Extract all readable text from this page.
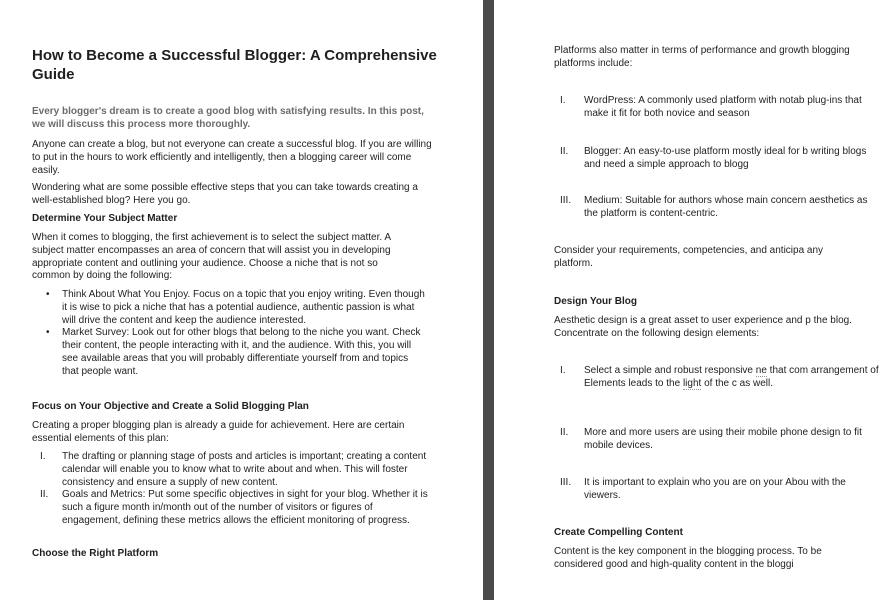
How to Become a Successful Blogger: A Comprehensive Guide

Every blogger's dream is to create a good blog with satisfying results. In this post, we will discuss this process more thoroughly.

Anyone can create a blog, but not everyone can create a successful blog. If you are willing to put in the hours to work efficiently and intelligently, then a blogging career will come easily.

Wondering what are some possible effective steps that you can take towards creating a well-established blog? Here you go.

Determine Your Subject Matter

When it comes to blogging, the first achievement is to select the subject matter. A subject matter encompasses an area of concern that will assist you in developing appropriate content and outlining your audience. Choose a niche that is not so common by doing the following:

• Think About What You Enjoy. Focus on a topic that you enjoy writing. Even though it is wise to pick a niche that has a potential audience, authentic passion is what will drive the content and keep the audience interested.
• Market Survey: Look out for other blogs that belong to the niche you want. Check their content, the people interacting with it, and the audience. With this, you will see available areas that you will probably differentiate yourself from and topics that people want.
Focus on Your Objective and Create a Solid Blogging Plan

Creating a proper blogging plan is already a guide for achievement. Here are certain essential elements of this plan:

I. The drafting or planning stage of posts and articles is important; creating a content calendar will enable you to know what to write about and when. This will foster consistency and ensure a supply of new content.
II. Goals and Metrics: Put some specific objectives in sight for your blog. Whether it is such a figure month in/month out of the number of visitors or figures of engagement, defining these metrics allows the efficient monitoring of progress.
Choose the Right Platform

Platforms also matter in terms of performance and growth blogging platforms include:

I. WordPress: A commonly used platform with notab plug-ins that make it fit for both novice and season
II. Blogger: An easy-to-use platform mostly ideal for b writing blogs and need a simple approach to blogg
III. Medium: Suitable for authors whose main concern aesthetics as the platform is content-centric.

Consider your requirements, competencies, and anticipa any platform.

Design Your Blog

Aesthetic design is a great asset to user experience and p the blog. Concentrate on the following design elements:

I. Select a simple and robust responsive ne that com arrangement of Elements leads to the light of the c as well.
II. More and more users are using their mobile phone design to fit mobile devices.
III. It is important to explain who you are on your Abou with the viewers.
Create Compelling Content

Content is the key component in the blogging process. To be considered good and high-quality content in the bloggi
